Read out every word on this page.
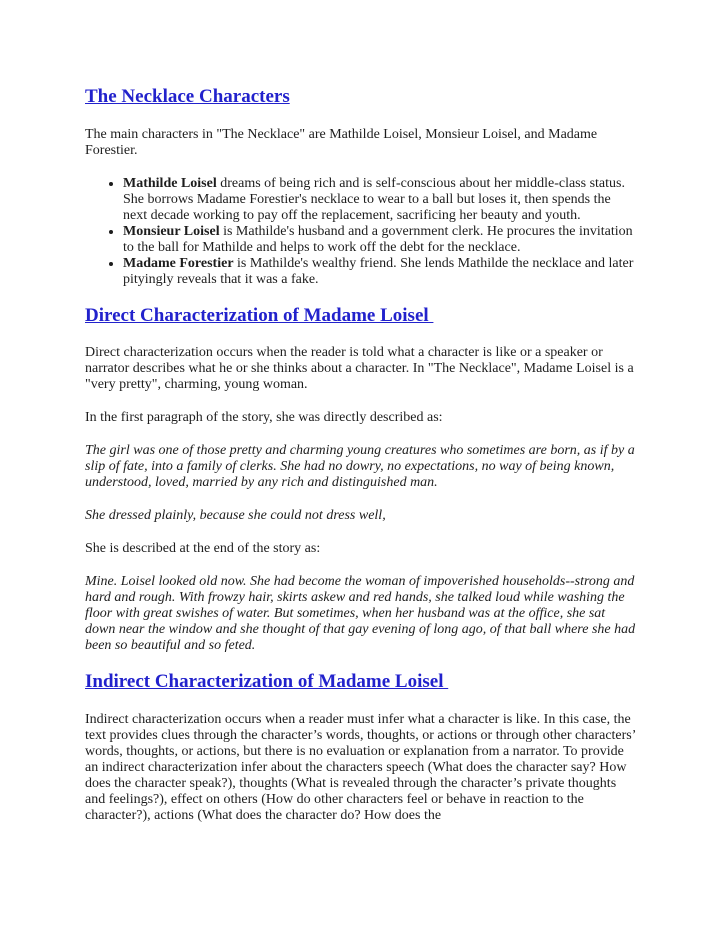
The Necklace Characters

The main characters in "The Necklace" are Mathilde Loisel, Monsieur Loisel, and Madame Forestier.

• Mathilde Loisel dreams of being rich and is self-conscious about her middle-class status. She borrows Madame Forestier's necklace to wear to a ball but loses it, then spends the next decade working to pay off the replacement, sacrificing her beauty and youth.
• Monsieur Loisel is Mathilde's husband and a government clerk. He procures the invitation to the ball for Mathilde and helps to work off the debt for the necklace.
• Madame Forestier is Mathilde's wealthy friend. She lends Mathilde the necklace and later pityingly reveals that it was a fake.
Direct Characterization of Madame Loisel

Direct characterization occurs when the reader is told what a character is like or a speaker or narrator describes what he or she thinks about a character. In "The Necklace", Madame Loisel is a "very pretty", charming, young woman.

In the first paragraph of the story, she was directly described as:

The girl was one of those pretty and charming young creatures who sometimes are born, as if by a slip of fate, into a family of clerks. She had no dowry, no expectations, no way of being known, understood, loved, married by any rich and distinguished man.

She dressed plainly, because she could not dress well,

She is described at the end of the story as:

Mine. Loisel looked old now. She had become the woman of impoverished households--strong and hard and rough. With frowzy hair, skirts askew and red hands, she talked loud while washing the floor with great swishes of water. But sometimes, when her husband was at the office, she sat down near the window and she thought of that gay evening of long ago, of that ball where she had been so beautiful and so feted.

Indirect Characterization of Madame Loisel

Indirect characterization occurs when a reader must infer what a character is like. In this case, the text provides clues through the character’s words, thoughts, or actions or through other characters’ words, thoughts, or actions, but there is no evaluation or explanation from a narrator. To provide an indirect characterization infer about the characters speech (What does the character say? How does the character speak?), thoughts (What is revealed through the character’s private thoughts and feelings?), effect on others (How do other characters feel or behave in reaction to the character?), actions (What does the character do? How does the
